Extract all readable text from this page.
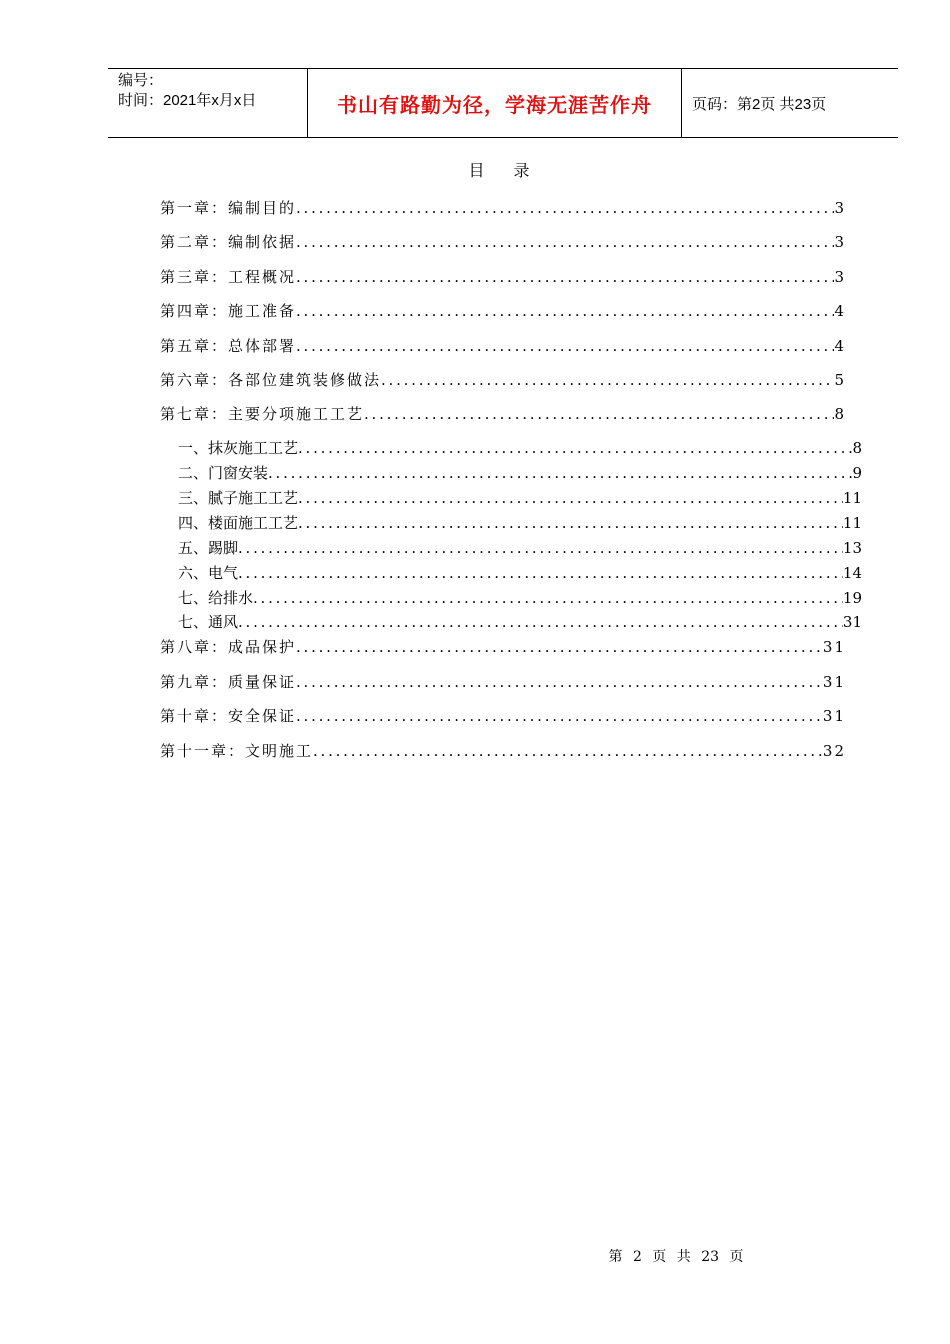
编号：
时间：2021年x月x日	书山有路勤为径，学海无涯苦作舟	页码：第2页 共23页
目 录
第一章：编制目的 . . .	3
第二章：编制依据 . . .	3
第三章：工程概况 . . .	3
第四章：施工准备 . . .	4
第五章：总体部署 . . .	4
第六章：各部位建筑装修做法 . . .	5
第七章：主要分项施工工艺 . . .	8
一、抹灰施工工艺 . . .	8
二、门窗安装 . . .	9
三、腻子施工工艺 . . .	11
四、楼面施工工艺 . . .	11
五、踢脚 . . .	13
六、电气 . . .	14
七、给排水 . . .	19
七、通风 . . .	31
第八章：成品保护 . . .	31
第九章：质量保证 . . .	31
第十章：安全保证 . . .	31
第十一章：文明施工 . . .	32
第 2 页 共 23 页
